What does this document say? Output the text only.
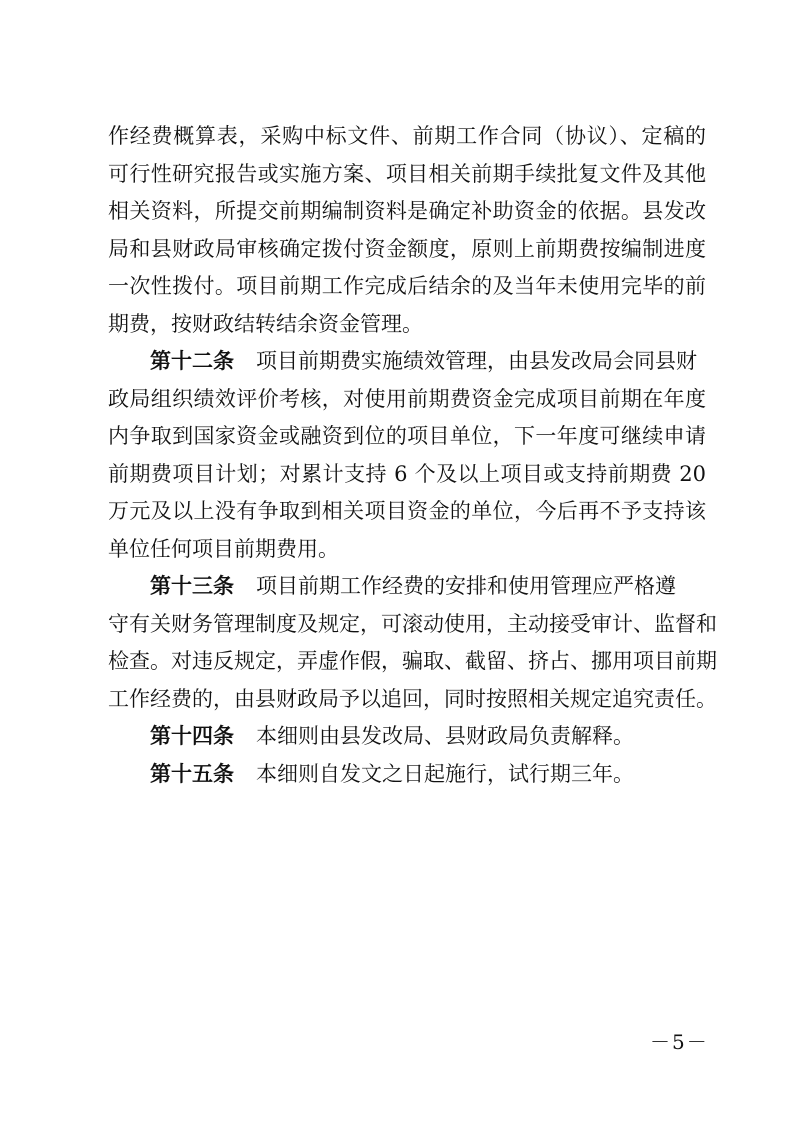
作经费概算表，采购中标文件、前期工作合同（协议）、定稿的
可行性研究报告或实施方案、项目相关前期手续批复文件及其他
相关资料，所提交前期编制资料是确定补助资金的依据。县发改
局和县财政局审核确定拨付资金额度，原则上前期费按编制进度
一次性拨付。项目前期工作完成后结余的及当年未使用完毕的前
期费，按财政结转结余资金管理。
第十二条 项目前期费实施绩效管理，由县发改局会同县财
政局组织绩效评价考核，对使用前期费资金完成项目前期在年度
内争取到国家资金或融资到位的项目单位，下一年度可继续申请
前期费项目计划；对累计支持 6 个及以上项目或支持前期费 20
万元及以上没有争取到相关项目资金的单位，今后再不予支持该
单位任何项目前期费用。
第十三条 项目前期工作经费的安排和使用管理应严格遵
守有关财务管理制度及规定，可滚动使用，主动接受审计、监督和
检查。对违反规定，弄虚作假，骗取、截留、挤占、挪用项目前期
工作经费的，由县财政局予以追回，同时按照相关规定追究责任。
第十四条 本细则由县发改局、县财政局负责解释。
第十五条 本细则自发文之日起施行，试行期三年。
－5－
